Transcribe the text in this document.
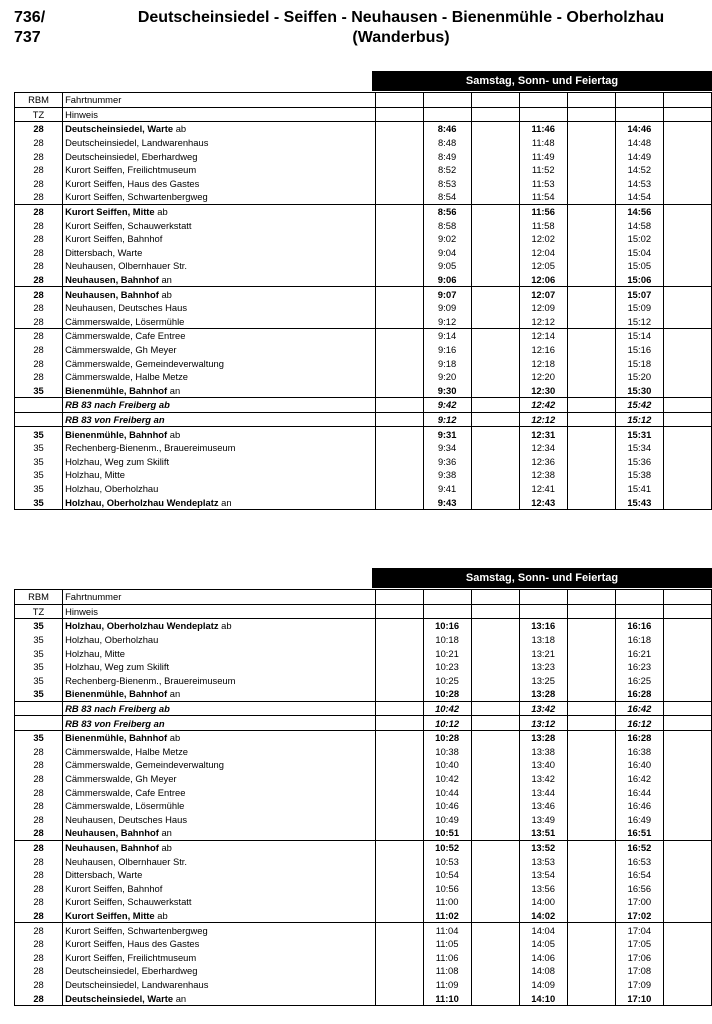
736/
737
Deutscheinsiedel - Seiffen - Neuhausen - Bienenmühle - Oberholzhau
(Wanderbus)
Samstag, Sonn- und Feiertag
RBM	Fahrtnummer							
TZ	Hinweis							
28	Deutscheinsiedel, Warte ab		8:46		11:46		14:46	
28	Deutscheinsiedel, Landwarenhaus		8:48		11:48		14:48	
28	Deutscheinsiedel, Eberhardweg		8:49		11:49		14:49	
28	Kurort Seiffen, Freilichtmuseum		8:52		11:52		14:52	
28	Kurort Seiffen, Haus des Gastes		8:53		11:53		14:53	
28	Kurort Seiffen, Schwartenbergweg		8:54		11:54		14:54	
28	Kurort Seiffen, Mitte ab		8:56		11:56		14:56	
28	Kurort Seiffen, Schauwerkstatt		8:58		11:58		14:58	
28	Kurort Seiffen, Bahnhof		9:02		12:02		15:02	
28	Dittersbach, Warte		9:04		12:04		15:04	
28	Neuhausen, Olbernhauer Str.		9:05		12:05		15:05	
28	Neuhausen, Bahnhof an		9:06		12:06		15:06	
28	Neuhausen, Bahnhof ab		9:07		12:07		15:07	
28	Neuhausen, Deutsches Haus		9:09		12:09		15:09	
28	Cämmerswalde, Lösermühle		9:12		12:12		15:12	
28	Cämmerswalde, Cafe Entree		9:14		12:14		15:14	
28	Cämmerswalde, Gh Meyer		9:16		12:16		15:16	
28	Cämmerswalde, Gemeindeverwaltung		9:18		12:18		15:18	
28	Cämmerswalde, Halbe Metze		9:20		12:20		15:20	
35	Bienenmühle, Bahnhof an		9:30		12:30		15:30	
	RB 83 nach Freiberg ab		9:42		12:42		15:42	
	RB 83 von Freiberg an		9:12		12:12		15:12	
35	Bienenmühle, Bahnhof ab		9:31		12:31		15:31	
35	Rechenberg-Bienenm., Brauereimuseum		9:34		12:34		15:34	
35	Holzhau, Weg zum Skilift		9:36		12:36		15:36	
35	Holzhau, Mitte		9:38		12:38		15:38	
35	Holzhau, Oberholzhau		9:41		12:41		15:41	
35	Holzhau, Oberholzhau Wendeplatz an		9:43		12:43		15:43	
Samstag, Sonn- und Feiertag
RBM	Fahrtnummer							
TZ	Hinweis							
35	Holzhau, Oberholzhau Wendeplatz ab		10:16		13:16		16:16	
35	Holzhau, Oberholzhau		10:18		13:18		16:18	
35	Holzhau, Mitte		10:21		13:21		16:21	
35	Holzhau, Weg zum Skilift		10:23		13:23		16:23	
35	Rechenberg-Bienenm., Brauereimuseum		10:25		13:25		16:25	
35	Bienenmühle, Bahnhof an		10:28		13:28		16:28	
	RB 83 nach Freiberg ab		10:42		13:42		16:42	
	RB 83 von Freiberg an		10:12		13:12		16:12	
35	Bienenmühle, Bahnhof ab		10:28		13:28		16:28	
28	Cämmerswalde, Halbe Metze		10:38		13:38		16:38	
28	Cämmerswalde, Gemeindeverwaltung		10:40		13:40		16:40	
28	Cämmerswalde, Gh Meyer		10:42		13:42		16:42	
28	Cämmerswalde, Cafe Entree		10:44		13:44		16:44	
28	Cämmerswalde, Lösermühle		10:46		13:46		16:46	
28	Neuhausen, Deutsches Haus		10:49		13:49		16:49	
28	Neuhausen, Bahnhof an		10:51		13:51		16:51	
28	Neuhausen, Bahnhof ab		10:52		13:52		16:52	
28	Neuhausen, Olbernhauer Str.		10:53		13:53		16:53	
28	Dittersbach, Warte		10:54		13:54		16:54	
28	Kurort Seiffen, Bahnhof		10:56		13:56		16:56	
28	Kurort Seiffen, Schauwerkstatt		11:00		14:00		17:00	
28	Kurort Seiffen, Mitte ab		11:02		14:02		17:02	
28	Kurort Seiffen, Schwartenbergweg		11:04		14:04		17:04	
28	Kurort Seiffen, Haus des Gastes		11:05		14:05		17:05	
28	Kurort Seiffen, Freilichtmuseum		11:06		14:06		17:06	
28	Deutscheinsiedel, Eberhardweg		11:08		14:08		17:08	
28	Deutscheinsiedel, Landwarenhaus		11:09		14:09		17:09	
28	Deutscheinsiedel, Warte an		11:10		14:10		17:10	
